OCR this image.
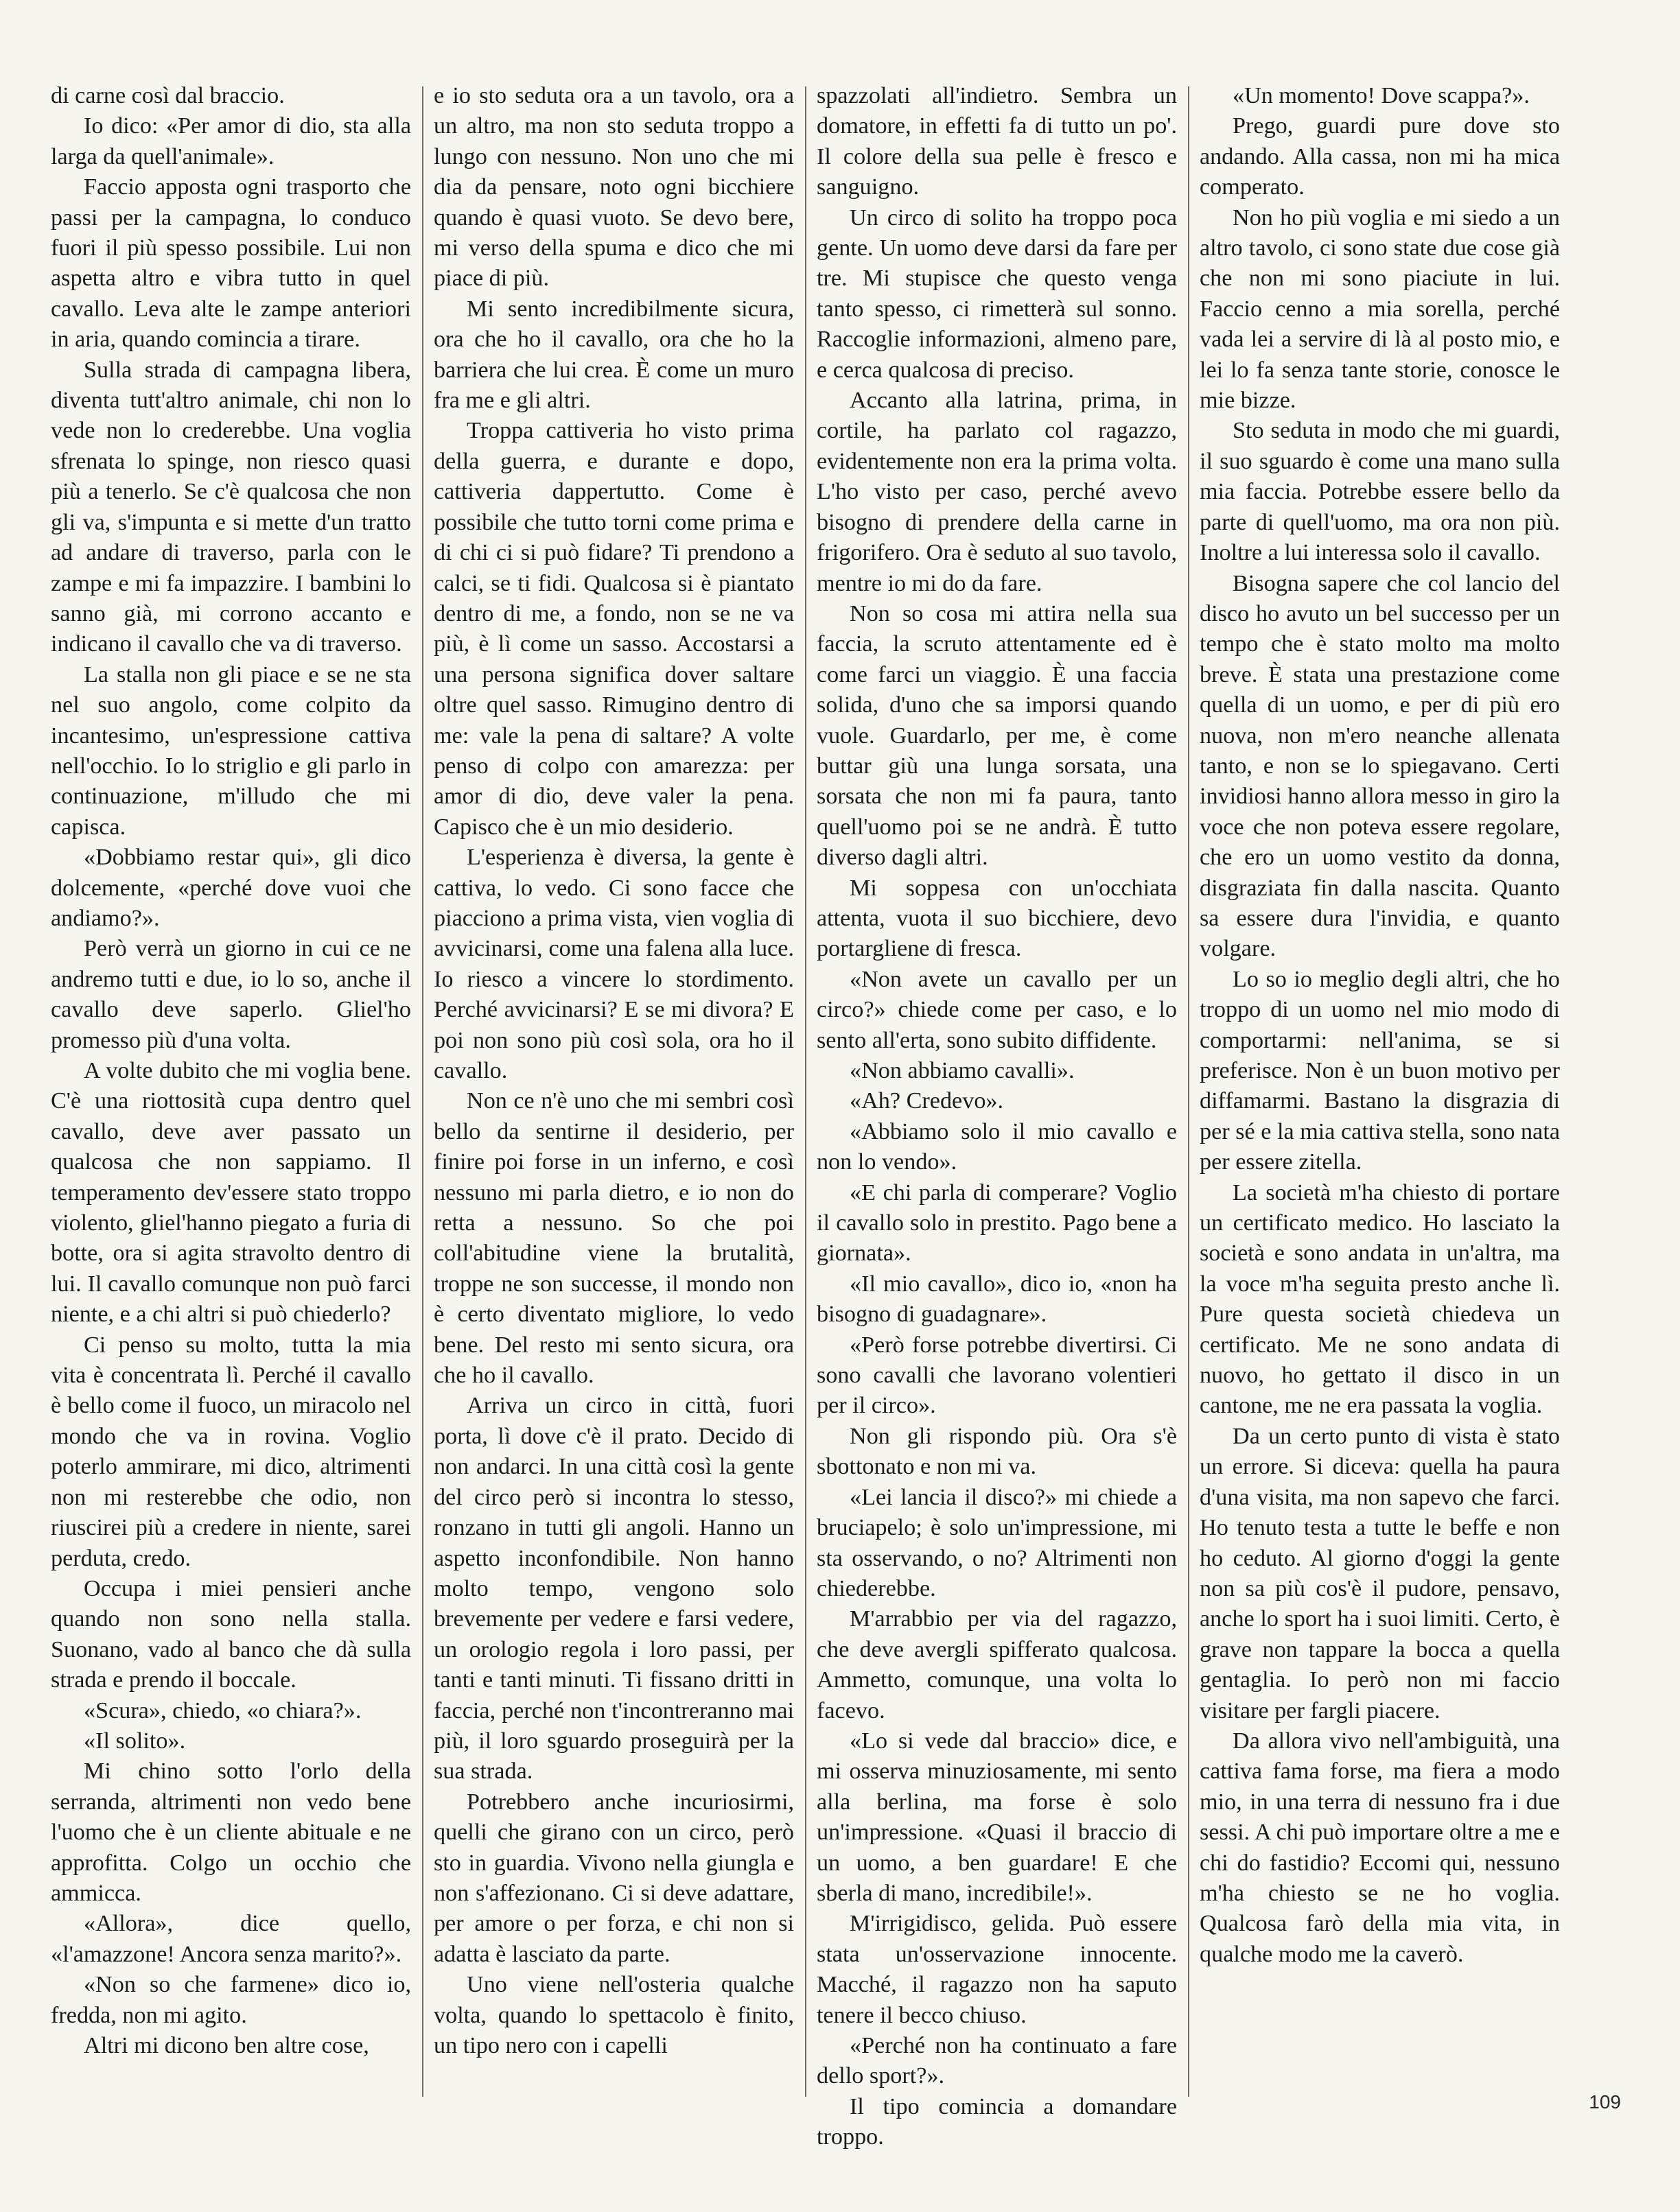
di carne così dal braccio.

Io dico: «Per amor di dio, sta alla larga da quell'animale».

Faccio apposta ogni trasporto che passi per la campagna, lo conduco fuori il più spesso possibile. Lui non aspetta altro e vibra tutto in quel cavallo. Leva alte le zampe anteriori in aria, quando comincia a tirare.

Sulla strada di campagna libera, diventa tutt'altro animale, chi non lo vede non lo crederebbe. Una voglia sfrenata lo spinge, non riesco quasi più a tenerlo. Se c'è qualcosa che non gli va, s'impunta e si mette d'un tratto ad andare di traverso, parla con le zampe e mi fa impazzire. I bambini lo sanno già, mi corrono accanto e indicano il cavallo che va di traverso.

La stalla non gli piace e se ne sta nel suo angolo, come colpito da incantesimo, un'espressione cattiva nell'occhio. Io lo striglio e gli parlo in continuazione, m'illudo che mi capisca.

«Dobbiamo restar qui», gli dico dolcemente, «perché dove vuoi che andiamo?».

Però verrà un giorno in cui ce ne andremo tutti e due, io lo so, anche il cavallo deve saperlo. Gliel'ho promesso più d'una volta.

A volte dubito che mi voglia bene. C'è una riottosità cupa dentro quel cavallo, deve aver passato un qualcosa che non sappiamo. Il temperamento dev'essere stato troppo violento, gliel'hanno piegato a furia di botte, ora si agita stravolto dentro di lui. Il cavallo comunque non può farci niente, e a chi altri si può chiederlo?

Ci penso su molto, tutta la mia vita è concentrata lì. Perché il cavallo è bello come il fuoco, un miracolo nel mondo che va in rovina. Voglio poterlo ammirare, mi dico, altrimenti non mi resterebbe che odio, non riuscirei più a credere in niente, sarei perduta, credo.

Occupa i miei pensieri anche quando non sono nella stalla. Suonano, vado al banco che dà sulla strada e prendo il boccale.

«Scura», chiedo, «o chiara?».

«Il solito».

Mi chino sotto l'orlo della serranda, altrimenti non vedo bene l'uomo che è un cliente abituale e ne approfitta. Colgo un occhio che ammicca.

«Allora», dice quello, «l'amazzone! Ancora senza marito?».

«Non so che farmene» dico io, fredda, non mi agito.

Altri mi dicono ben altre cose,

e io sto seduta ora a un tavolo, ora a un altro, ma non sto seduta troppo a lungo con nessuno. Non uno che mi dia da pensare, noto ogni bicchiere quando è quasi vuoto. Se devo bere, mi verso della spuma e dico che mi piace di più.

Mi sento incredibilmente sicura, ora che ho il cavallo, ora che ho la barriera che lui crea. È come un muro fra me e gli altri.

Troppa cattiveria ho visto prima della guerra, e durante e dopo, cattiveria dappertutto. Come è possibile che tutto torni come prima e di chi ci si può fidare? Ti prendono a calci, se ti fidi. Qualcosa si è piantato dentro di me, a fondo, non se ne va più, è lì come un sasso. Accostarsi a una persona significa dover saltare oltre quel sasso. Rimugino dentro di me: vale la pena di saltare? A volte penso di colpo con amarezza: per amor di dio, deve valer la pena. Capisco che è un mio desiderio.

L'esperienza è diversa, la gente è cattiva, lo vedo. Ci sono facce che piacciono a prima vista, vien voglia di avvicinarsi, come una falena alla luce. Io riesco a vincere lo stordimento. Perché avvicinarsi? E se mi divora? E poi non sono più così sola, ora ho il cavallo.

Non ce n'è uno che mi sembri così bello da sentirne il desiderio, per finire poi forse in un inferno, e così nessuno mi parla dietro, e io non do retta a nessuno. So che poi coll'abitudine viene la brutalità, troppe ne son successe, il mondo non è certo diventato migliore, lo vedo bene. Del resto mi sento sicura, ora che ho il cavallo.

Arriva un circo in città, fuori porta, lì dove c'è il prato. Decido di non andarci. In una città così la gente del circo però si incontra lo stesso, ronzano in tutti gli angoli. Hanno un aspetto inconfondibile. Non hanno molto tempo, vengono solo brevemente per vedere e farsi vedere, un orologio regola i loro passi, per tanti e tanti minuti. Ti fissano dritti in faccia, perché non t'incontreranno mai più, il loro sguardo proseguirà per la sua strada.

Potrebbero anche incuriosirmi, quelli che girano con un circo, però sto in guardia. Vivono nella giungla e non s'affezionano. Ci si deve adattare, per amore o per forza, e chi non si adatta è lasciato da parte.

Uno viene nell'osteria qualche volta, quando lo spettacolo è finito, un tipo nero con i capelli

spazzolati all'indietro. Sembra un domatore, in effetti fa di tutto un po'. Il colore della sua pelle è fresco e sanguigno.

Un circo di solito ha troppo poca gente. Un uomo deve darsi da fare per tre. Mi stupisce che questo venga tanto spesso, ci rimetterà sul sonno. Raccoglie informazioni, almeno pare, e cerca qualcosa di preciso.

Accanto alla latrina, prima, in cortile, ha parlato col ragazzo, evidentemente non era la prima volta. L'ho visto per caso, perché avevo bisogno di prendere della carne in frigorifero. Ora è seduto al suo tavolo, mentre io mi do da fare.

Non so cosa mi attira nella sua faccia, la scruto attentamente ed è come farci un viaggio. È una faccia solida, d'uno che sa imporsi quando vuole. Guardarlo, per me, è come buttar giù una lunga sorsata, una sorsata che non mi fa paura, tanto quell'uomo poi se ne andrà. È tutto diverso dagli altri.

Mi soppesa con un'occhiata attenta, vuota il suo bicchiere, devo portargliene di fresca.

«Non avete un cavallo per un circo?» chiede come per caso, e lo sento all'erta, sono subito diffidente.

«Non abbiamo cavalli».

«Ah? Credevo».

«Abbiamo solo il mio cavallo e non lo vendo».

«E chi parla di comperare? Voglio il cavallo solo in prestito. Pago bene a giornata».

«Il mio cavallo», dico io, «non ha bisogno di guadagnare».

«Però forse potrebbe divertirsi. Ci sono cavalli che lavorano volentieri per il circo».

Non gli rispondo più. Ora s'è sbottonato e non mi va.

«Lei lancia il disco?» mi chiede a bruciapelo; è solo un'impressione, mi sta osservando, o no? Altrimenti non chiederebbe.

M'arrabbio per via del ragazzo, che deve avergli spifferato qualcosa. Ammetto, comunque, una volta lo facevo.

«Lo si vede dal braccio» dice, e mi osserva minuziosamente, mi sento alla berlina, ma forse è solo un'impressione. «Quasi il braccio di un uomo, a ben guardare! E che sberla di mano, incredibile!».

M'irrigidisco, gelida. Può essere stata un'osservazione innocente. Macché, il ragazzo non ha saputo tenere il becco chiuso.

«Perché non ha continuato a fare dello sport?».

Il tipo comincia a domandare troppo.

«Un momento! Dove scappa?».

Prego, guardi pure dove sto andando. Alla cassa, non mi ha mica comperato.

Non ho più voglia e mi siedo a un altro tavolo, ci sono state due cose già che non mi sono piaciute in lui. Faccio cenno a mia sorella, perché vada lei a servire di là al posto mio, e lei lo fa senza tante storie, conosce le mie bizze.

Sto seduta in modo che mi guardi, il suo sguardo è come una mano sulla mia faccia. Potrebbe essere bello da parte di quell'uomo, ma ora non più. Inoltre a lui interessa solo il cavallo.

Bisogna sapere che col lancio del disco ho avuto un bel successo per un tempo che è stato molto ma molto breve. È stata una prestazione come quella di un uomo, e per di più ero nuova, non m'ero neanche allenata tanto, e non se lo spiegavano. Certi invidiosi hanno allora messo in giro la voce che non poteva essere regolare, che ero un uomo vestito da donna, disgraziata fin dalla nascita. Quanto sa essere dura l'invidia, e quanto volgare.

Lo so io meglio degli altri, che ho troppo di un uomo nel mio modo di comportarmi: nell'anima, se si preferisce. Non è un buon motivo per diffamarmi. Bastano la disgrazia di per sé e la mia cattiva stella, sono nata per essere zitella.

La società m'ha chiesto di portare un certificato medico. Ho lasciato la società e sono andata in un'altra, ma la voce m'ha seguita presto anche lì. Pure questa società chiedeva un certificato. Me ne sono andata di nuovo, ho gettato il disco in un cantone, me ne era passata la voglia.

Da un certo punto di vista è stato un errore. Si diceva: quella ha paura d'una visita, ma non sapevo che farci. Ho tenuto testa a tutte le beffe e non ho ceduto. Al giorno d'oggi la gente non sa più cos'è il pudore, pensavo, anche lo sport ha i suoi limiti. Certo, è grave non tappare la bocca a quella gentaglia. Io però non mi faccio visitare per fargli piacere.

Da allora vivo nell'ambiguità, una cattiva fama forse, ma fiera a modo mio, in una terra di nessuno fra i due sessi. A chi può importare oltre a me e chi do fastidio? Eccomi qui, nessuno m'ha chiesto se ne ho voglia. Qualcosa farò della mia vita, in qualche modo me la caverò.

109
